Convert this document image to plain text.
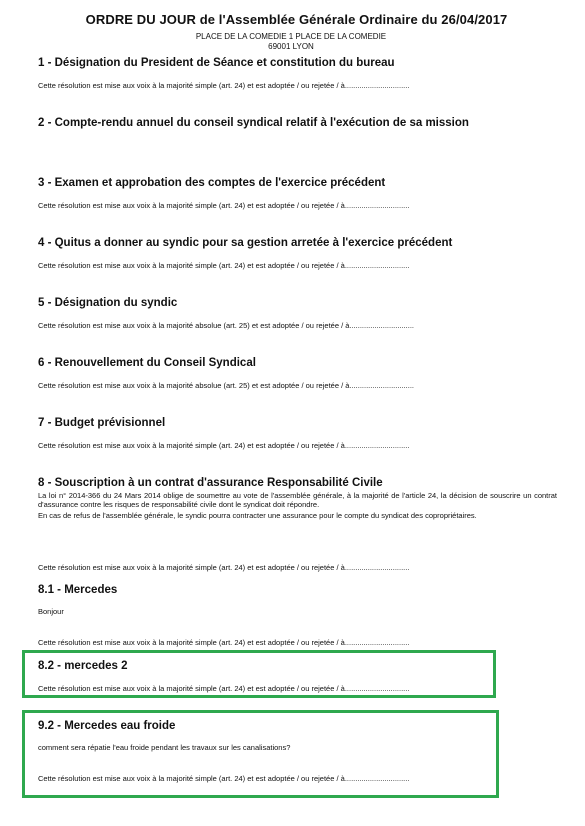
ORDRE DU JOUR de l'Assemblée Générale Ordinaire du 26/04/2017

PLACE DE LA COMEDIE 1 PLACE DE LA COMEDIE

69001 LYON

1 - Désignation du President de Séance et constitution du bureau

Cette résolution est mise aux voix à la majorité simple (art. 24) et est adoptée / ou rejetée / à...............................

2 - Compte-rendu annuel du conseil syndical relatif à l'exécution de sa mission

3 - Examen et approbation des comptes de l'exercice précédent

Cette résolution est mise aux voix à la majorité simple (art. 24) et est adoptée / ou rejetée / à...............................

4 - Quitus a donner au syndic pour sa gestion arretée à l'exercice précédent

Cette résolution est mise aux voix à la majorité simple (art. 24) et est adoptée / ou rejetée / à...............................

5 - Désignation du syndic

Cette résolution est mise aux voix à la majorité absolue (art. 25) et est adoptée / ou rejetée / à...............................

6 - Renouvellement du Conseil Syndical

Cette résolution est mise aux voix à la majorité absolue (art. 25) et est adoptée / ou rejetée / à...............................

7 - Budget prévisionnel

Cette résolution est mise aux voix à la majorité simple (art. 24) et est adoptée / ou rejetée / à...............................

8 - Souscription à un contrat d'assurance Responsabilité Civile

La loi n° 2014-366 du 24 Mars 2014 oblige de soumettre au vote de l'assemblée générale, à la majorité de l'article 24, la décision de souscrire un contrat d'assurance contre les risques de responsabilité civile dont le syndicat doit répondre.

En cas de refus de l'assemblée générale, le syndic pourra contracter une assurance pour le compte du syndicat des copropriétaires.

Cette résolution est mise aux voix à la majorité simple (art. 24) et est adoptée / ou rejetée / à...............................

8.1 - Mercedes

Bonjour

Cette résolution est mise aux voix à la majorité simple (art. 24) et est adoptée / ou rejetée / à...............................

8.2 - mercedes 2

Cette résolution est mise aux voix à la majorité simple (art. 24) et est adoptée / ou rejetée / à...............................

9.2 - Mercedes eau froide

comment sera répatie l'eau froide pendant les travaux sur les canalisations?

Cette résolution est mise aux voix à la majorité simple (art. 24) et est adoptée / ou rejetée / à...............................
